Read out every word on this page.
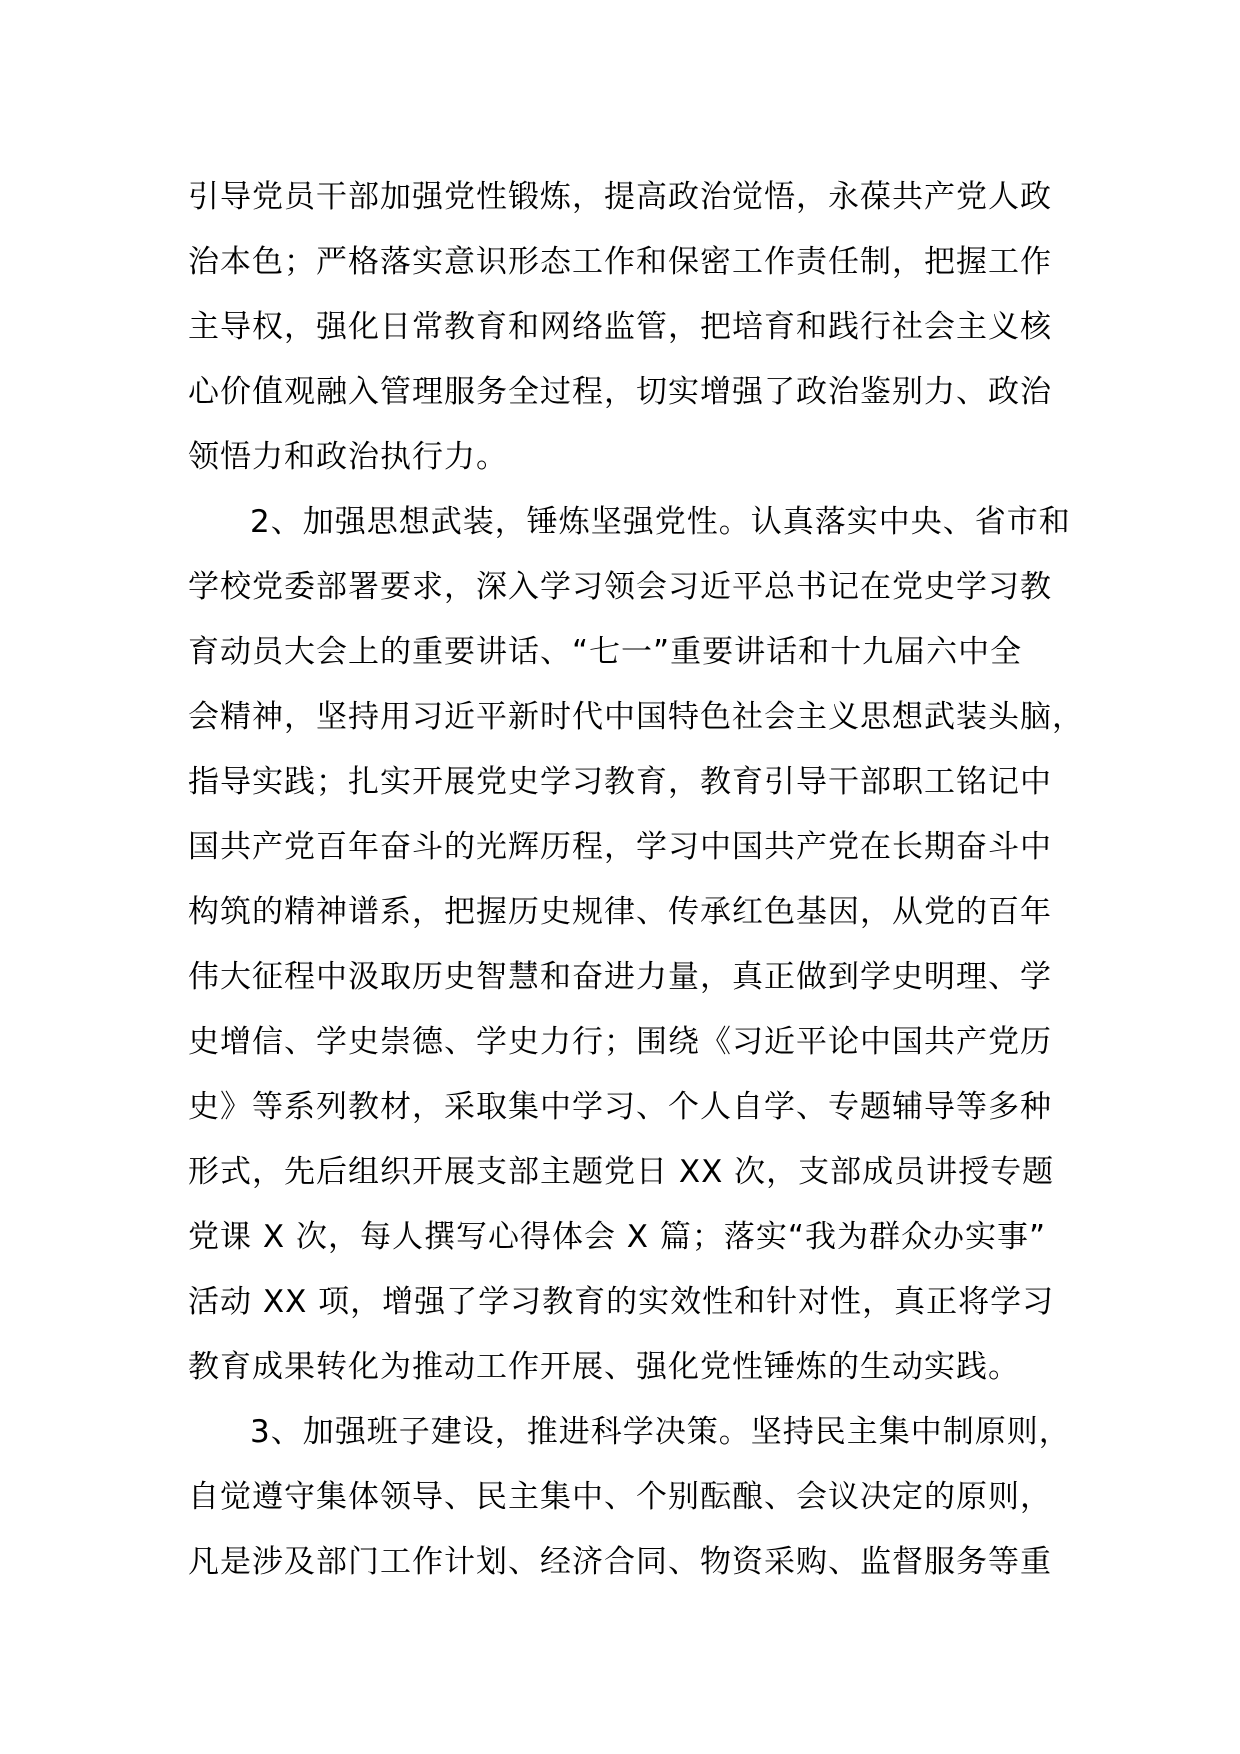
引导党员干部加强党性锻炼，提高政治觉悟，永葆共产党人政
治本色；严格落实意识形态工作和保密工作责任制，把握工作
主导权，强化日常教育和网络监管，把培育和践行社会主义核
心价值观融入管理服务全过程，切实增强了政治鉴别力、政治
领悟力和政治执行力。
2、加强思想武装，锤炼坚强党性。认真落实中央、省市和
学校党委部署要求，深入学习领会习近平总书记在党史学习教
育动员大会上的重要讲话、“七一”重要讲话和十九届六中全
会精神，坚持用习近平新时代中国特色社会主义思想武装头脑，
指导实践；扎实开展党史学习教育，教育引导干部职工铭记中
国共产党百年奋斗的光辉历程，学习中国共产党在长期奋斗中
构筑的精神谱系，把握历史规律、传承红色基因，从党的百年
伟大征程中汲取历史智慧和奋进力量，真正做到学史明理、学
史增信、学史崇德、学史力行；围绕《习近平论中国共产党历
史》等系列教材，采取集中学习、个人自学、专题辅导等多种
形式，先后组织开展支部主题党日 XX 次，支部成员讲授专题
党课 X 次，每人撰写心得体会 X 篇；落实“我为群众办实事”
活动 XX 项，增强了学习教育的实效性和针对性，真正将学习
教育成果转化为推动工作开展、强化党性锤炼的生动实践。
3、加强班子建设，推进科学决策。坚持民主集中制原则，
自觉遵守集体领导、民主集中、个别酝酿、会议决定的原则，
凡是涉及部门工作计划、经济合同、物资采购、监督服务等重
